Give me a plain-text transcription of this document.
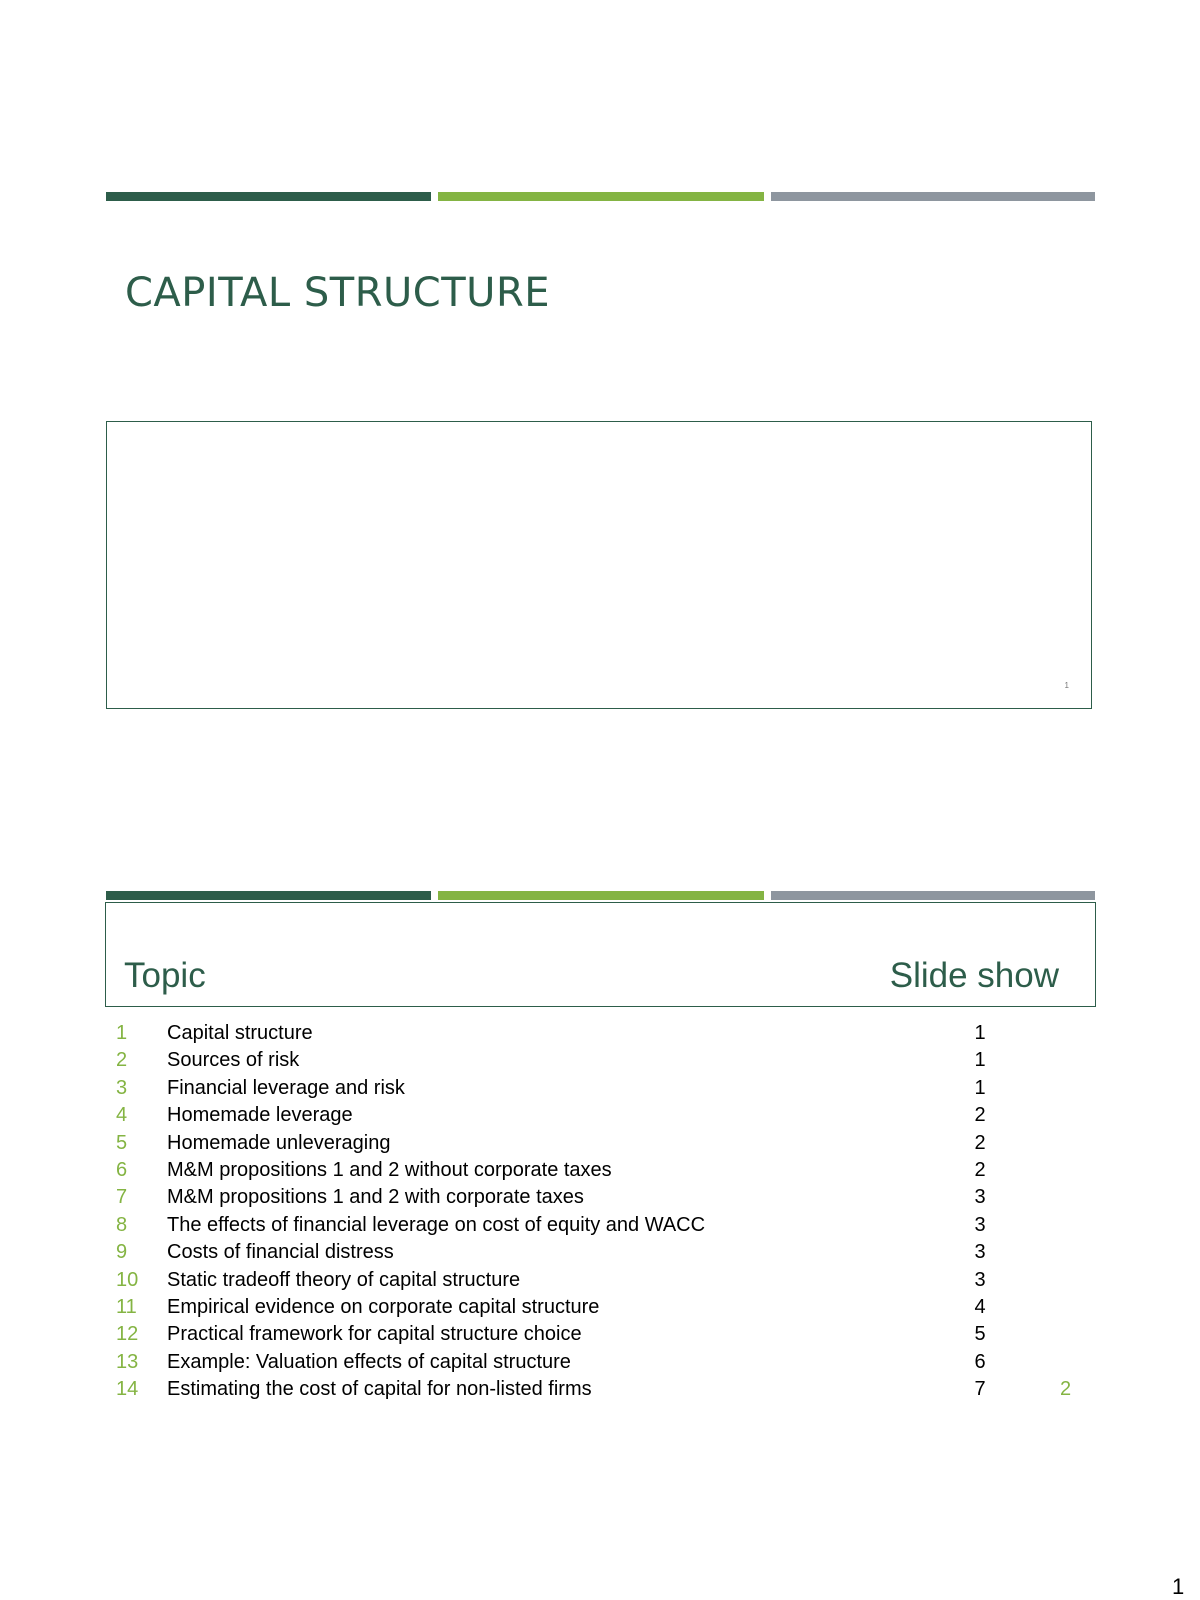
CAPITAL STRUCTURE
1
Topic	Slide show
1	Capital structure	1
2	Sources of risk	1
3	Financial leverage and risk	1
4	Homemade leverage	2
5	Homemade unleveraging	2
6	M&M propositions 1 and 2 without corporate taxes	2
7	M&M propositions 1 and 2 with corporate taxes	3
8	The effects of financial leverage on cost of equity and WACC	3
9	Costs of financial distress	3
10	Static tradeoff theory of capital structure	3
11	Empirical evidence on corporate capital structure	4
12	Practical framework for capital structure choice	5
13	Example: Valuation effects of capital structure	6
14	Estimating the cost of capital for non-listed firms	7	2
1
